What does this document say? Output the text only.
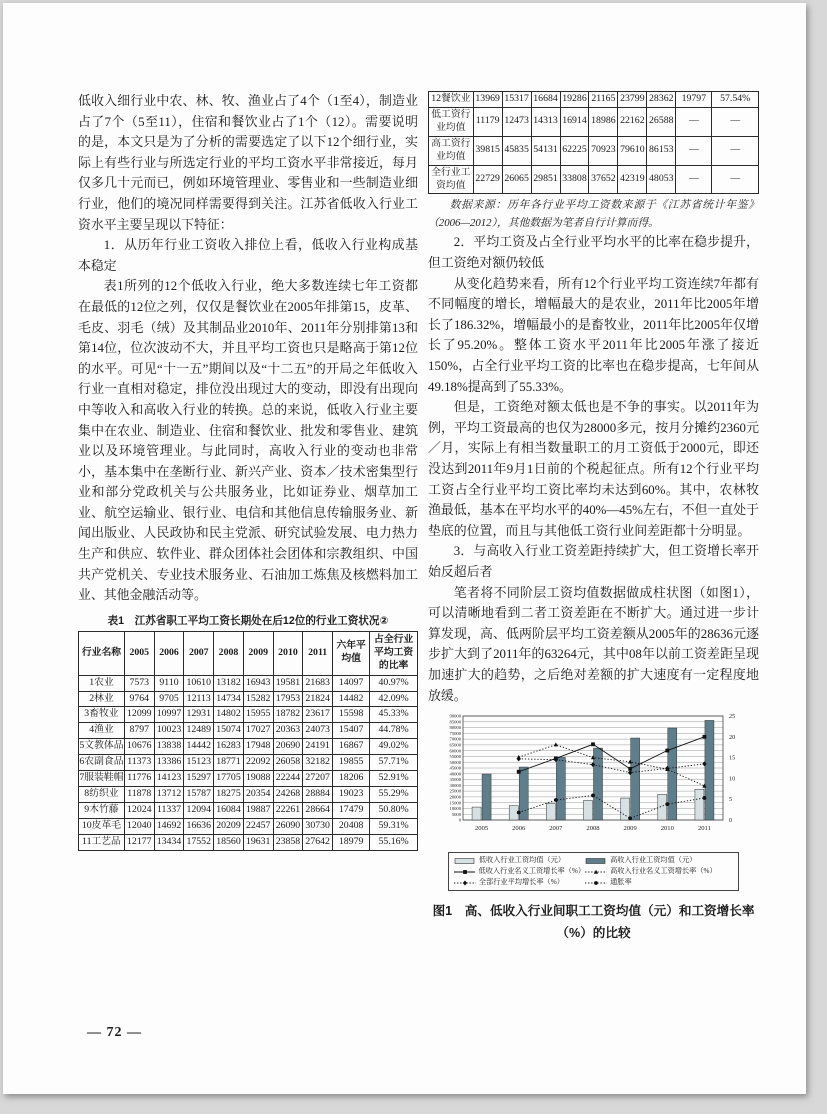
低收入细行业中农、林、牧、渔业占了4个（1至4），制造业占了7个（5至11），住宿和餐饮业占了1个（12）。需要说明的是，本文只是为了分析的需要选定了以下12个细行业，实际上有些行业与所选定行业的平均工资水平非常接近，每月仅多几十元而已，例如环境管理业、零售业和一些制造业细行业，他们的境况同样需要得到关注。江苏省低收入行业工资水平主要呈现以下特征：

1．从历年行业工资收入排位上看，低收入行业构成基本稳定

表1所列的12个低收入行业，绝大多数连续七年工资都在最低的12位之列，仅仅是餐饮业在2005年排第15，皮革、毛皮、羽毛（绒）及其制品业2010年、2011年分别排第13和第14位，位次波动不大，并且平均工资也只是略高于第12位的水平。可见“十一五”期间以及“十二五”的开局之年低收入行业一直相对稳定，排位没出现过大的变动，即没有出现向中等收入和高收入行业的转换。总的来说，低收入行业主要集中在农业、制造业、住宿和餐饮业、批发和零售业、建筑业以及环境管理业。与此同时，高收入行业的变动也非常小，基本集中在垄断行业、新兴产业、资本／技术密集型行业和部分党政机关与公共服务业，比如证券业、烟草加工业、航空运输业、银行业、电信和其他信息传输服务业、新闻出版业、人民政协和民主党派、研究试验发展、电力热力生产和供应、软件业、群众团体社会团体和宗教组织、中国共产党机关、专业技术服务业、石油加工炼焦及核燃料加工业、其他金融活动等。

表1　江苏省职工平均工资长期处在后12位的行业工资状况②
行业名称	2005	2006	2007	2008	2009	2010	2011	六年平均值	占全行业平均工资的比率
1农业	7573	9110	10610	13182	16943	19581	21683	14097	40.97%
2林业	9764	9705	12113	14734	15282	17953	21824	14482	42.09%
3畜牧业	12099	10997	12931	14802	15955	18782	23617	15598	45.33%
4渔业	8797	10023	12489	15074	17027	20363	24073	15407	44.78%
5文教体品	10676	13838	14442	16283	17948	20690	24191	16867	49.02%
6农副食品	11373	13386	15123	18771	22092	26058	32182	19855	57.71%
7服装鞋帽	11776	14123	15297	17705	19088	22244	27207	18206	52.91%
8纺织业	11878	13712	15787	18275	20354	24268	28884	19023	55.29%
9木竹藤	12024	11337	12094	16084	19887	22261	28664	17479	50.80%
10皮革毛	12040	14692	16636	20209	22457	26090	30730	20408	59.31%
11工艺品	12177	13434	17552	18560	19631	23858	27642	18979	55.16%
12餐饮业	13969	15317	16684	19286	21165	23799	28362	19797	57.54%
低工资行业均值	11179	12473	14313	16914	18986	22162	26588	—	—
高工资行业均值	39815	45835	54131	62225	70923	79610	86153	—	—
全行业工资均值	22729	26065	29851	33808	37652	42319	48053	—	—

数据来源：历年各行业平均工资数来源于《江苏省统计年鉴》（2006—2012），其他数据为笔者自行计算而得。

2．平均工资及占全行业平均水平的比率在稳步提升，但工资绝对额仍较低

从变化趋势来看，所有12个行业平均工资连续7年都有不同幅度的增长，增幅最大的是农业，2011年比2005年增长了186.32%，增幅最小的是畜牧业，2011年比2005年仅增长了95.20%。整体工资水平2011年比2005年涨了接近150%，占全行业平均工资的比率也在稳步提高，七年间从49.18%提高到了55.33%。

但是，工资绝对额太低也是不争的事实。以2011年为例，平均工资最高的也仅为28000多元，按月分摊约2360元／月，实际上有相当数量职工的月工资低于2000元，即还没达到2011年9月1日前的个税起征点。所有12个行业平均工资占全行业平均工资比率均未达到60%。其中，农林牧渔最低，基本在平均水平的40%—45%左右，不但一直处于垫底的位置，而且与其他低工资行业间差距都十分明显。

3．与高收入行业工资差距持续扩大，但工资增长率开始反超后者

笔者将不同阶层工资均值数据做成柱状图（如图1），可以清晰地看到二者工资差距在不断扩大。通过进一步计算发现，高、低两阶层平均工资差额从2005年的28636元逐步扩大到了2011年的63264元，其中08年以前工资差距呈现加速扩大的趋势，之后绝对差额的扩大速度有一定程度地放缓。

0
5000
10000
15000
20000
25000
30000
35000
40000
45000
50000
55000
60000
65000
70000
75000
80000
85000
90000
0
5
10
15
20
25
2005	2006	2007	2008	2009	2010	2011
低收入行业工资均值（元）	高收入行业工资均值（元）
低收入行业名义工资增长率（%）	高收入行业名义工资增长率（%）
全部行业平均增长率（%）	通胀率
图1　高、低收入行业间职工工资均值（元）和工资增长率（%）的比较
— 72 —
